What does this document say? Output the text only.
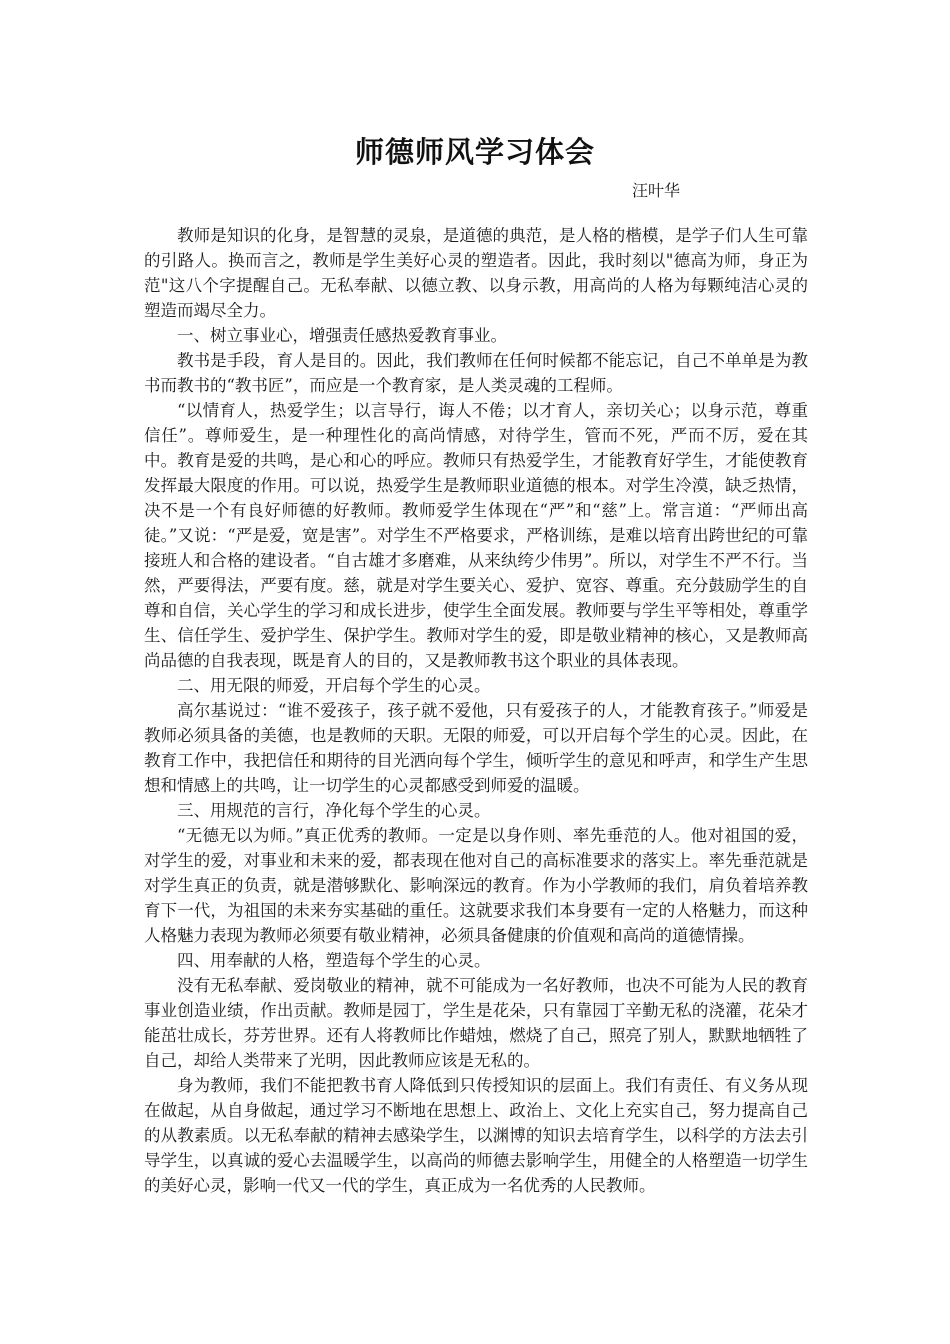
师德师风学习体会
汪叶华

教师是知识的化身，是智慧的灵泉，是道德的典范，是人格的楷模，是学子们人生可靠的引路人。换而言之，教师是学生美好心灵的塑造者。因此，我时刻以"德高为师，身正为范"这八个字提醒自己。无私奉献、以德立教、以身示教，用高尚的人格为每颗纯洁心灵的塑造而竭尽全力。

一、树立事业心，增强责任感热爱教育事业。

教书是手段，育人是目的。因此，我们教师在任何时候都不能忘记，自己不单单是为教书而教书的“教书匠”，而应是一个教育家，是人类灵魂的工程师。

“以情育人，热爱学生；以言导行，诲人不倦；以才育人，亲切关心；以身示范，尊重信任”。尊师爱生，是一种理性化的高尚情感，对待学生，管而不死，严而不厉，爱在其中。教育是爱的共鸣，是心和心的呼应。教师只有热爱学生，才能教育好学生，才能使教育发挥最大限度的作用。可以说，热爱学生是教师职业道德的根本。对学生冷漠，缺乏热情，决不是一个有良好师德的好教师。教师爱学生体现在“严”和“慈”上。常言道：“严师出高徒。”又说：“严是爱，宽是害”。对学生不严格要求，严格训练，是难以培育出跨世纪的可靠接班人和合格的建设者。“自古雄才多磨难，从来纨绔少伟男”。所以，对学生不严不行。当然，严要得法，严要有度。慈，就是对学生要关心、爱护、宽容、尊重。充分鼓励学生的自尊和自信，关心学生的学习和成长进步，使学生全面发展。教师要与学生平等相处，尊重学生、信任学生、爱护学生、保护学生。教师对学生的爱，即是敬业精神的核心，又是教师高尚品德的自我表现，既是育人的目的，又是教师教书这个职业的具体表现。

二、用无限的师爱，开启每个学生的心灵。

高尔基说过：“谁不爱孩子，孩子就不爱他，只有爱孩子的人，才能教育孩子。”师爱是教师必须具备的美德，也是教师的天职。无限的师爱，可以开启每个学生的心灵。因此，在教育工作中，我把信任和期待的目光洒向每个学生，倾听学生的意见和呼声，和学生产生思想和情感上的共鸣，让一切学生的心灵都感受到师爱的温暖。

三、用规范的言行，净化每个学生的心灵。

“无德无以为师。”真正优秀的教师。一定是以身作则、率先垂范的人。他对祖国的爱，对学生的爱，对事业和未来的爱，都表现在他对自己的高标准要求的落实上。率先垂范就是对学生真正的负责，就是潜够默化、影响深远的教育。作为小学教师的我们，肩负着培养教育下一代，为祖国的未来夯实基础的重任。这就要求我们本身要有一定的人格魅力，而这种人格魅力表现为教师必须要有敬业精神，必须具备健康的价值观和高尚的道德情操。

四、用奉献的人格，塑造每个学生的心灵。

没有无私奉献、爱岗敬业的精神，就不可能成为一名好教师，也决不可能为人民的教育事业创造业绩，作出贡献。教师是园丁，学生是花朵，只有靠园丁辛勤无私的浇灌，花朵才能茁壮成长，芬芳世界。还有人将教师比作蜡烛，燃烧了自己，照亮了别人，默默地牺牲了自己，却给人类带来了光明，因此教师应该是无私的。

身为教师，我们不能把教书育人降低到只传授知识的层面上。我们有责任、有义务从现在做起，从自身做起，通过学习不断地在思想上、政治上、文化上充实自己，努力提高自己的从教素质。以无私奉献的精神去感染学生，以渊博的知识去培育学生，以科学的方法去引导学生，以真诚的爱心去温暖学生，以高尚的师德去影响学生，用健全的人格塑造一切学生的美好心灵，影响一代又一代的学生，真正成为一名优秀的人民教师。
